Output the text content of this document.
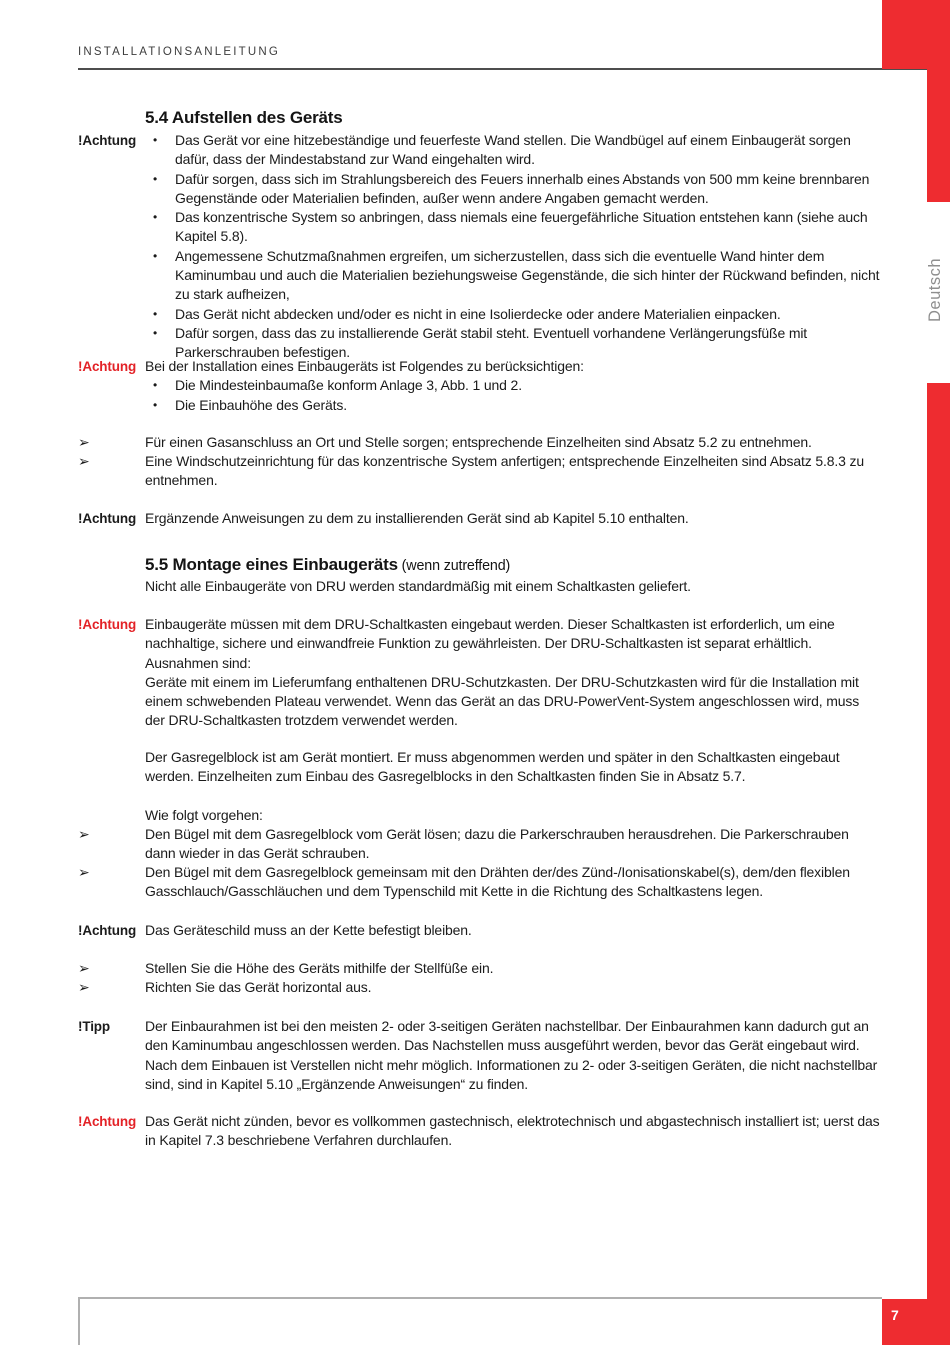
INSTALLATIONSANLEITUNG
Deutsch
5.4 Aufstellen des Geräts
!Achtung	•	Das Gerät vor eine hitzebeständige und feuerfeste Wand stellen. Die Wandbügel auf einem Einbaugerät sorgen dafür, dass der Mindestabstand zur Wand eingehalten wird.
•	Dafür sorgen, dass sich im Strahlungsbereich des Feuers innerhalb eines Abstands von 500 mm keine brennbaren Gegenstände oder Materialien befinden, außer wenn andere Angaben gemacht werden.
•	Das konzentrische System so anbringen, dass niemals eine feuergefährliche Situation entstehen kann (siehe auch Kapitel 5.8).
•	Angemessene Schutzmaßnahmen ergreifen, um sicherzustellen, dass sich die eventuelle Wand hinter dem Kaminumbau und auch die Materialien beziehungsweise Gegenstände, die sich hinter der Rückwand befinden, nicht zu stark aufheizen,
•	Das Gerät nicht abdecken und/oder es nicht in eine Isolierdecke oder andere Materialien einpacken.
•	Dafür sorgen, dass das zu installierende Gerät stabil steht. Eventuell vorhandene Verlängerungsfüße mit Parkerschrauben befestigen.
!Achtung Bei der Installation eines Einbaugeräts ist Folgendes zu berücksichtigen:
•	Die Mindesteinbaumaße konform Anlage 3, Abb. 1 und 2.
•	Die Einbauhöhe des Geräts.
➢	Für einen Gasanschluss an Ort und Stelle sorgen; entsprechende Einzelheiten sind Absatz 5.2 zu entnehmen.
➢	Eine Windschutzeinrichtung für das konzentrische System anfertigen; entsprechende Einzelheiten sind Absatz 5.8.3 zu entnehmen.
!Achtung Ergänzende Anweisungen zu dem zu installierenden Gerät sind ab Kapitel 5.10 enthalten.
5.5 Montage eines Einbaugeräts (wenn zutreffend)
Nicht alle Einbaugeräte von DRU werden standardmäßig mit einem Schaltkasten geliefert.
!Achtung Einbaugeräte müssen mit dem DRU-Schaltkasten eingebaut werden. Dieser Schaltkasten ist erforderlich, um eine nachhaltige, sichere und einwandfreie Funktion zu gewährleisten. Der DRU-Schaltkasten ist separat erhältlich.
Ausnahmen sind:
Geräte mit einem im Lieferumfang enthaltenen DRU-Schutzkasten. Der DRU-Schutzkasten wird für die Installation mit einem schwebenden Plateau verwendet. Wenn das Gerät an das DRU-PowerVent-System angeschlossen wird, muss der DRU-Schaltkasten trotzdem verwendet werden.
Der Gasregelblock ist am Gerät montiert. Er muss abgenommen werden und später in den Schaltkasten eingebaut werden. Einzelheiten zum Einbau des Gasregelblocks in den Schaltkasten finden Sie in Absatz 5.7.
Wie folgt vorgehen:
➢	Den Bügel mit dem Gasregelblock vom Gerät lösen; dazu die Parkerschrauben herausdrehen. Die Parkerschrauben dann wieder in das Gerät schrauben.
➢	Den Bügel mit dem Gasregelblock gemeinsam mit den Drähten der/des Zünd-/Ionisationskabel(s), dem/den flexiblen Gasschlauch/Gasschläuchen und dem Typenschild mit Kette in die Richtung des Schaltkastens legen.
!Achtung Das Geräteschild muss an der Kette befestigt bleiben.
➢	Stellen Sie die Höhe des Geräts mithilfe der Stellfüße ein.
➢	Richten Sie das Gerät horizontal aus.
!Tipp	Der Einbaurahmen ist bei den meisten 2- oder 3-seitigen Geräten nachstellbar. Der Einbaurahmen kann dadurch gut an den Kaminumbau angeschlossen werden. Das Nachstellen muss ausgeführt werden, bevor das Gerät eingebaut wird. Nach dem Einbauen ist Verstellen nicht mehr möglich. Informationen zu 2- oder 3-seitigen Geräten, die nicht nachstellbar sind, sind in Kapitel 5.10 „Ergänzende Anweisungen“ zu finden.
!Achtung Das Gerät nicht zünden, bevor es vollkommen gastechnisch, elektrotechnisch und abgastechnisch installiert ist; uerst das in Kapitel 7.3 beschriebene Verfahren durchlaufen.
7
